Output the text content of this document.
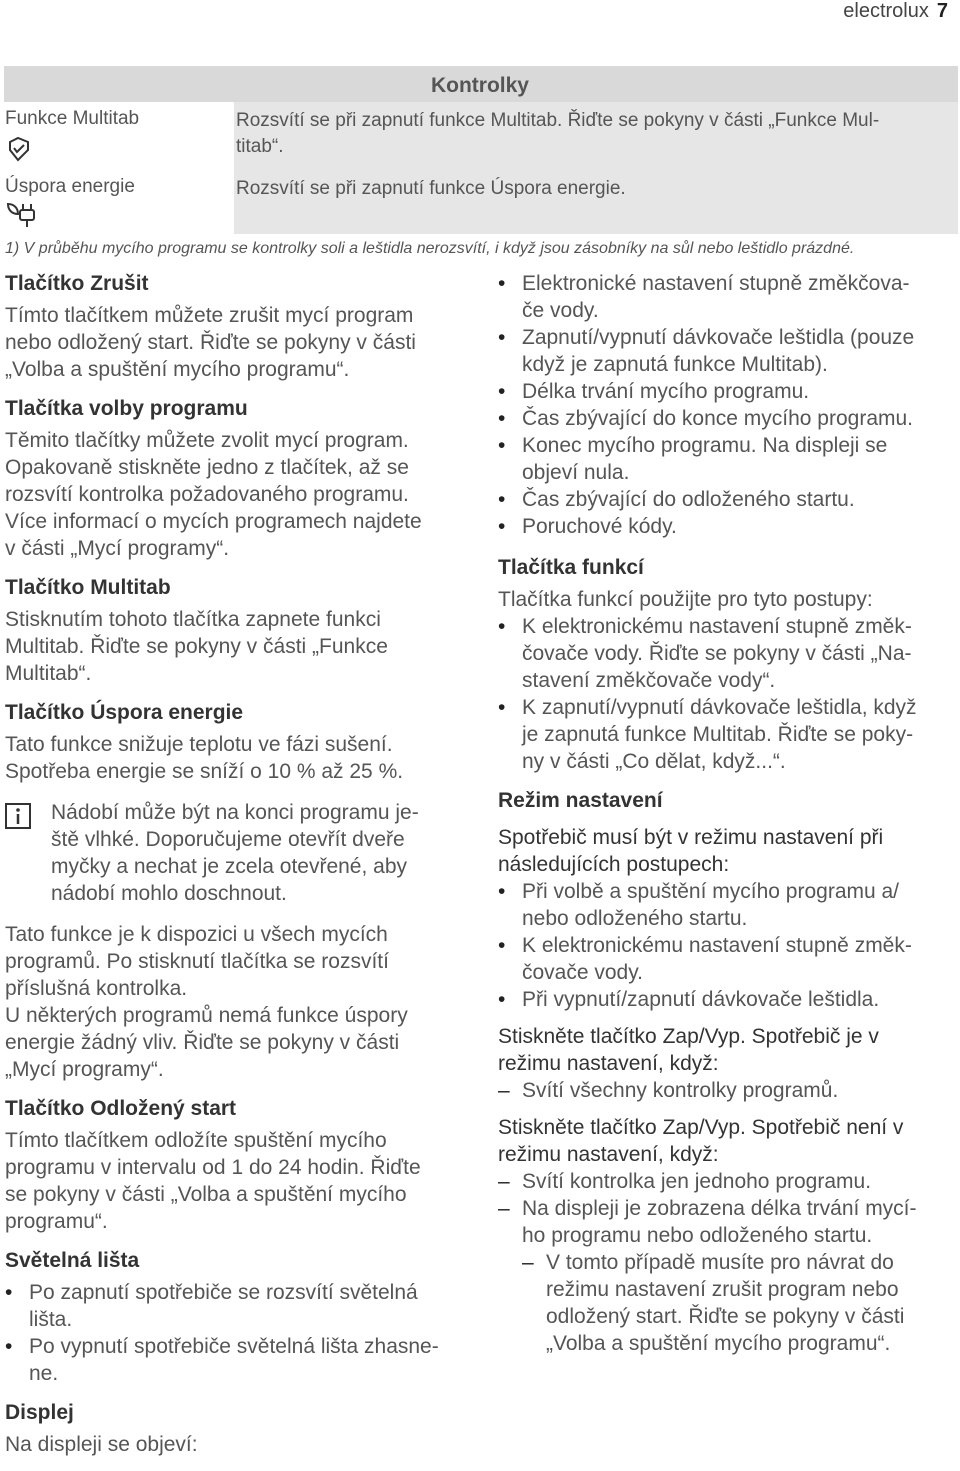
electrolux 7
Kontrolky
Funkce Multitab	Rozsvítí se při zapnutí funkce Multitab. Řiďte se pokyny v části „Funkce Mul-
titab“.
Úspora energie	Rozsvítí se při zapnutí funkce Úspora energie.
1) V průběhu mycího programu se kontrolky soli a leštidla nerozsvítí, i když jsou zásobníky na sůl nebo leštidlo prázdné.
Tlačítko Zrušit

Tímto tlačítkem můžete zrušit mycí program

nebo odložený start. Řiďte se pokyny v části

„Volba a spuštění mycího programu“.

Tlačítka volby programu

Těmito tlačítky můžete zvolit mycí program.

Opakovaně stiskněte jedno z tlačítek, až se

rozsvítí kontrolka požadovaného programu.

Více informací o mycích programech najdete

v části „Mycí programy“.

Tlačítko Multitab

Stisknutím tohoto tlačítka zapnete funkci

Multitab. Řiďte se pokyny v části „Funkce

Multitab“.

Tlačítko Úspora energie

Tato funkce snižuje teplotu ve fázi sušení.

Spotřeba energie se sníží o 10 % až 25 %.

Nádobí může být na konci programu je-

ště vlhké. Doporučujeme otevřít dveře

myčky a nechat je zcela otevřené, aby

nádobí mohlo doschnout.

Tato funkce je k dispozici u všech mycích

programů. Po stisknutí tlačítka se rozsvítí

příslušná kontrolka.

U některých programů nemá funkce úspory

energie žádný vliv. Řiďte se pokyny v části

„Mycí programy“.

Tlačítko Odložený start

Tímto tlačítkem odložíte spuštění mycího

programu v intervalu od 1 do 24 hodin. Řiďte

se pokyny v části „Volba a spuštění mycího

programu“.

Světelná lišta

• Po zapnutí spotřebiče se rozsvítí světelná

lišta.

• Po vypnutí spotřebiče světelná lišta zhasne-

ne.

Displej

Na displeji se objeví:

• Elektronické nastavení stupně změkčova-

če vody.

• Zapnutí/vypnutí dávkovače leštidla (pouze

když je zapnutá funkce Multitab).

• Délka trvání mycího programu.

• Čas zbývající do konce mycího programu.

• Konec mycího programu. Na displeji se

objeví nula.

• Čas zbývající do odloženého startu.

• Poruchové kódy.

Tlačítka funkcí

Tlačítka funkcí použijte pro tyto postupy:

• K elektronickému nastavení stupně změk-

čovače vody. Řiďte se pokyny v části „Na-

stavení změkčovače vody“.

• K zapnutí/vypnutí dávkovače leštidla, když

je zapnutá funkce Multitab. Řiďte se poky-

ny v části „Co dělat, když...“.

Režim nastavení

Spotřebič musí být v režimu nastavení při

následujících postupech:

• Při volbě a spuštění mycího programu a/

nebo odloženého startu.

• K elektronickému nastavení stupně změk-

čovače vody.

• Při vypnutí/zapnutí dávkovače leštidla.

Stiskněte tlačítko Zap/Vyp. Spotřebič je v

režimu nastavení, když:

– Svítí všechny kontrolky programů.

Stiskněte tlačítko Zap/Vyp. Spotřebič není v

režimu nastavení, když:

– Svítí kontrolka jen jednoho programu.

– Na displeji je zobrazena délka trvání mycí-

ho programu nebo odloženého startu.

– V tomto případě musíte pro návrat do

režimu nastavení zrušit program nebo

odložený start. Řiďte se pokyny v části

„Volba a spuštění mycího programu“.
